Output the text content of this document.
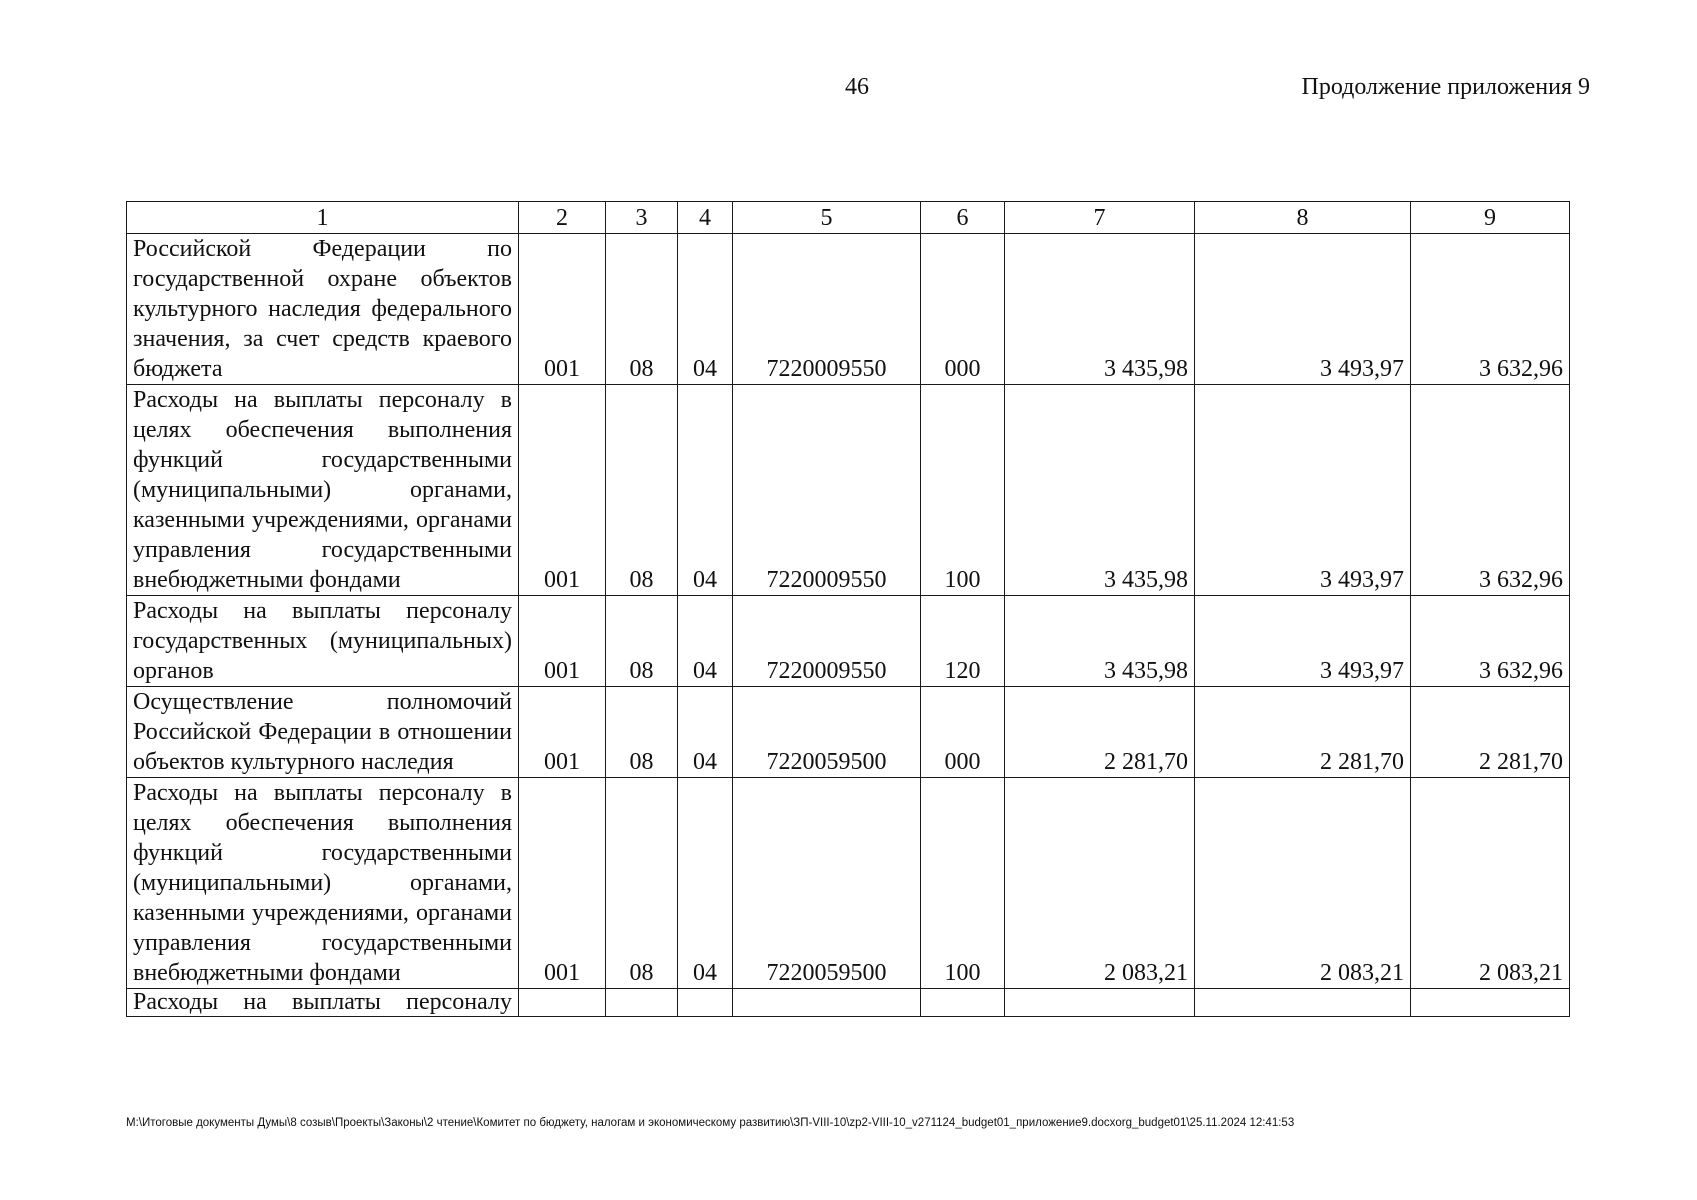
46	Продолжение приложения 9
1	2	3	4	5	6	7	8	9
Российской Федерации по государственной охране объектов культурного наследия федерального значения, за счет средств краевого бюджета	001	08	04	7220009550	000	3 435,98	3 493,97	3 632,96
Расходы на выплаты персоналу в целях обеспечения выполнения функций государственными (муниципальными) органами, казенными учреждениями, органами управления государственными внебюджетными фондами	001	08	04	7220009550	100	3 435,98	3 493,97	3 632,96
Расходы на выплаты персоналу государственных (муниципальных) органов	001	08	04	7220009550	120	3 435,98	3 493,97	3 632,96
Осуществление полномочий Российской Федерации в отношении объектов культурного наследия	001	08	04	7220059500	000	2 281,70	2 281,70	2 281,70
Расходы на выплаты персоналу в целях обеспечения выполнения функций государственными (муниципальными) органами, казенными учреждениями, органами управления государственными внебюджетными фондами	001	08	04	7220059500	100	2 083,21	2 083,21	2 083,21
Расходы на выплаты персоналу								
M:\Итоговые документы Думы\8 созыв\Проекты\Законы\2 чтение\Комитет по бюджету, налогам и экономическому развитию\ЗП-VIII-10\zp2-VIII-10_v271124_budget01_приложение9.docxorg_budget01\25.11.2024 12:41:53
